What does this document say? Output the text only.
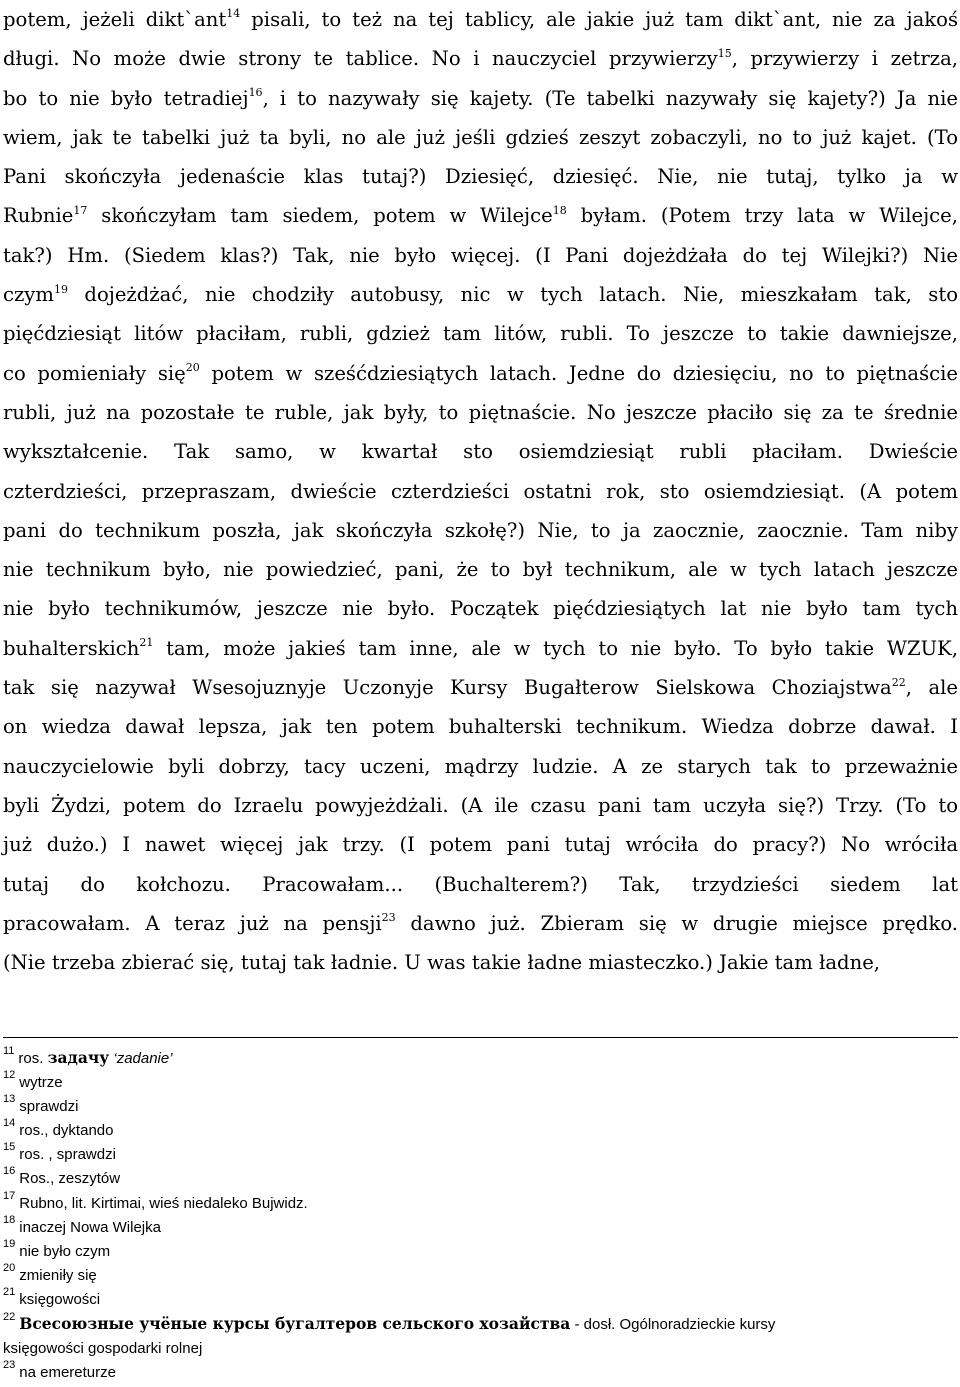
potem, jeżeli dikt`ant$^{14}$ pisali, to też na tej tablicy, ale jakie już tam dikt`ant, nie za jakoś
długi. No może dwie strony te tablice. No i nauczyciel przywierzy$^{15}$, przywierzy i zetrza,
bo to nie było tetradiej$^{16}$, i to nazywały się kajety. (Te tabelki nazywały się kajety?) Ja nie
wiem, jak te tabelki już ta byli, no ale już jeśli gdzieś zeszyt zobaczyli, no to już kajet. (To
Pani skończyła jedenaście klas tutaj?) Dziesięć, dziesięć. Nie, nie tutaj, tylko ja w
Rubnie$^{17}$ skończyłam tam siedem, potem w Wilejce$^{18}$ byłam. (Potem trzy lata w Wilejce,
tak?) Hm. (Siedem klas?) Tak, nie było więcej. (I Pani dojeżdżała do tej Wilejki?) Nie
czym$^{19}$ dojeżdżać, nie chodziły autobusy, nic w tych latach. Nie, mieszkałam tak, sto
pięćdziesiąt litów płaciłam, rubli, gdzież tam litów, rubli. To jeszcze to takie dawniejsze,
co pomieniały się$^{20}$ potem w sześćdziesiątych latach. Jedne do dziesięciu, no to piętnaście
rubli, już na pozostałe te ruble, jak były, to piętnaście. No jeszcze płaciło się za te średnie
wykształcenie. Tak samo, w kwartał sto osiemdziesiąt rubli płaciłam. Dwieście
czterdzieści, przepraszam, dwieście czterdzieści ostatni rok, sto osiemdziesiąt. (A potem
pani do technikum poszła, jak skończyła szkołę?) Nie, to ja zaocznie, zaocznie. Tam niby
nie technikum było, nie powiedzieć, pani, że to był technikum, ale w tych latach jeszcze
nie było technikumów, jeszcze nie było. Początek pięćdziesiątych lat nie było tam tych
buhalterskich$^{21}$ tam, może jakieś tam inne, ale w tych to nie było. To było takie WZUK,
tak się nazywał Wsesojuznyje Uczonyje Kursy Bugałterow Sielskowa Choziajstwa$^{22}$, ale
on wiedza dawał lepsza, jak ten potem buhalterski technikum. Wiedza dobrze dawał. I
nauczycielowie byli dobrzy, tacy uczeni, mądrzy ludzie. A ze starych tak to przeważnie
byli Żydzi, potem do Izraelu powyjeżdżali. (A ile czasu pani tam uczyła się?) Trzy. (To to
już dużo.) I nawet więcej jak trzy. (I potem pani tutaj wróciła do pracy?) No wróciła
tutaj do kołchozu. Pracowałam... (Buchalterem?) Tak, trzydzieści siedem lat
pracowałam. A teraz już na pensji$^{23}$ dawno już. Zbieram się w drugie miejsce prędko.
(Nie trzeba zbierać się, tutaj tak ładnie. U was takie ładne miasteczko.) Jakie tam ładne,
$^{11}$ ros. задачу ‘zadanie’
$^{12}$ wytrze
$^{13}$ sprawdzi
$^{14}$ ros., dyktando
$^{15}$ ros. , sprawdzi
$^{16}$ Ros., zeszytów
$^{17}$ Rubno, lit. Kirtimai, wieś niedaleko Bujwidz.
$^{18}$ inaczej Nowa Wilejka
$^{19}$ nie było czym
$^{20}$ zmieniły się
$^{21}$ księgowości
$^{22}$ Всесоюзные учёные курсы бугалтеров сельского хозайства - dosł. Ogólnoradzieckie kursy
księgowości gospodarki rolnej
$^{23}$ na emereturze
